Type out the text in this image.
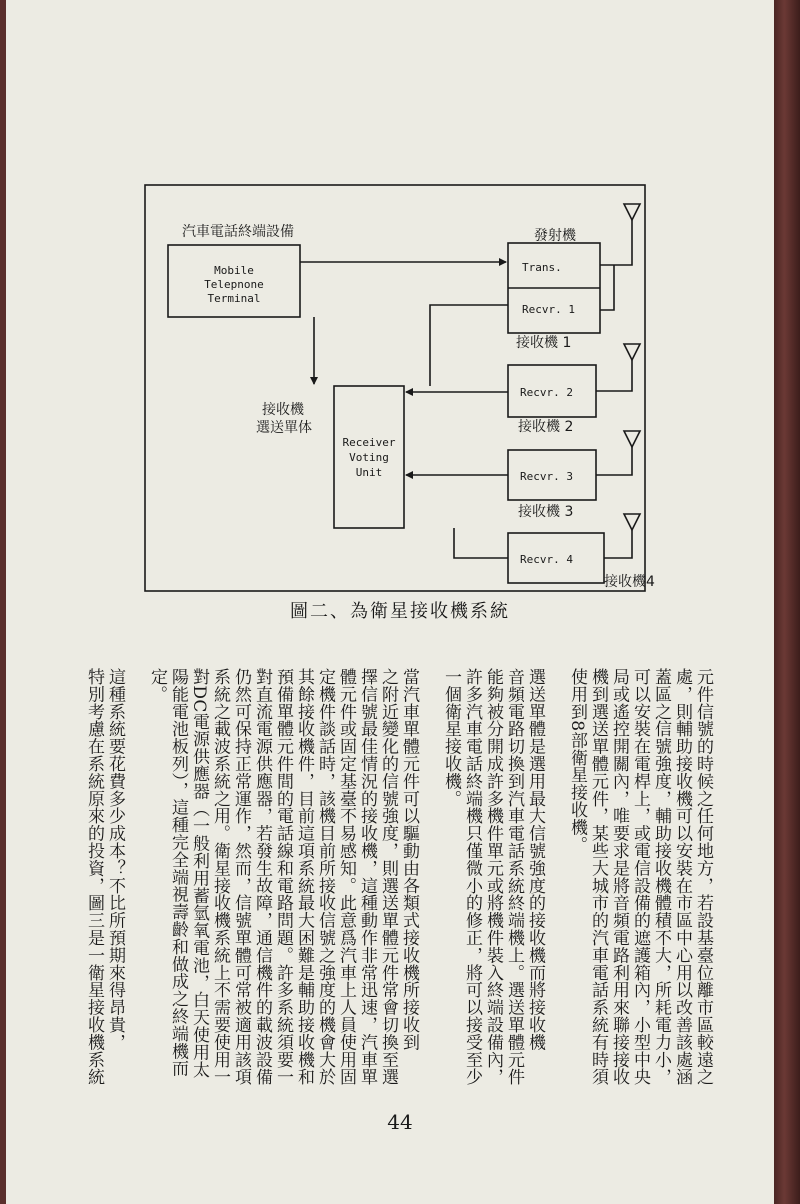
Mobile
Telepnone
Terminal
Trans.
Recvr. 1
Receiver
Voting
Unit
Recvr. 2
Recvr. 3
Recvr. 4
汽車電話終端設備	發射機
接收機 1
接收機
選送單体	接收機 2
接收機 3
接收機4
圖二、為衛星接收機系統
元件信號的時候之任何地方，若設基臺位離市區較遠之
處，則輔助接收機可以安裝在市區中心用以改善該處涵
蓋區之信號強度，輔助接收機體積不大，所耗電力小，
可以安裝在電桿上，或電信設備的遮護箱內，小型中央
局或遙控開關內，唯要求是將音頻電路利用來聯接接收
機到選送單體元件，某些大城市的汽車電話系統有時須
使用到8部衛星接收機。
選送單體是選用最大信號強度的接收機而將接收機
音頻電路切換到汽車電話系統終端機上。選送單體元件
能夠被分開成許多機件單元或將機件裝入終端設備內，
許多汽車電話終端機只僅微小的修正，將可以接受至少
一個衛星接收機。
當汽車單體元件可以驅動由各類式接收機所接收到
之附近變化的信號強度，則選送單體元件常會切換至選
擇信號最佳情況的接收機，這種動作非常迅速，汽車單
體元件或固定基臺不易感知。此意爲汽車上人員使用固
定機件談話時，該機目前所接收信號之強度的機會大於
其餘接收機件，目前這項系統最大困難是輔助接收機和
預備單體元件間的電話線和電路問題。許多系統須要一
對直流電源供應器，若發生故障，通信機件的載波設備
仍然可保持正常運作，然而，信號單體可常被適用該項
系統之載波系統之用。衛星接收機系統上不需要使用一
對DC電源供應器（一般利用蓄氫氧電池，白天使用太
陽能電池板列），這種完全端視壽齡和做成之終端機而
定。
這種系統要花費多少成本？不比所預期來得昂貴，
特別考慮在系統原來的投資，圖三是一衛星接收機系統
44
